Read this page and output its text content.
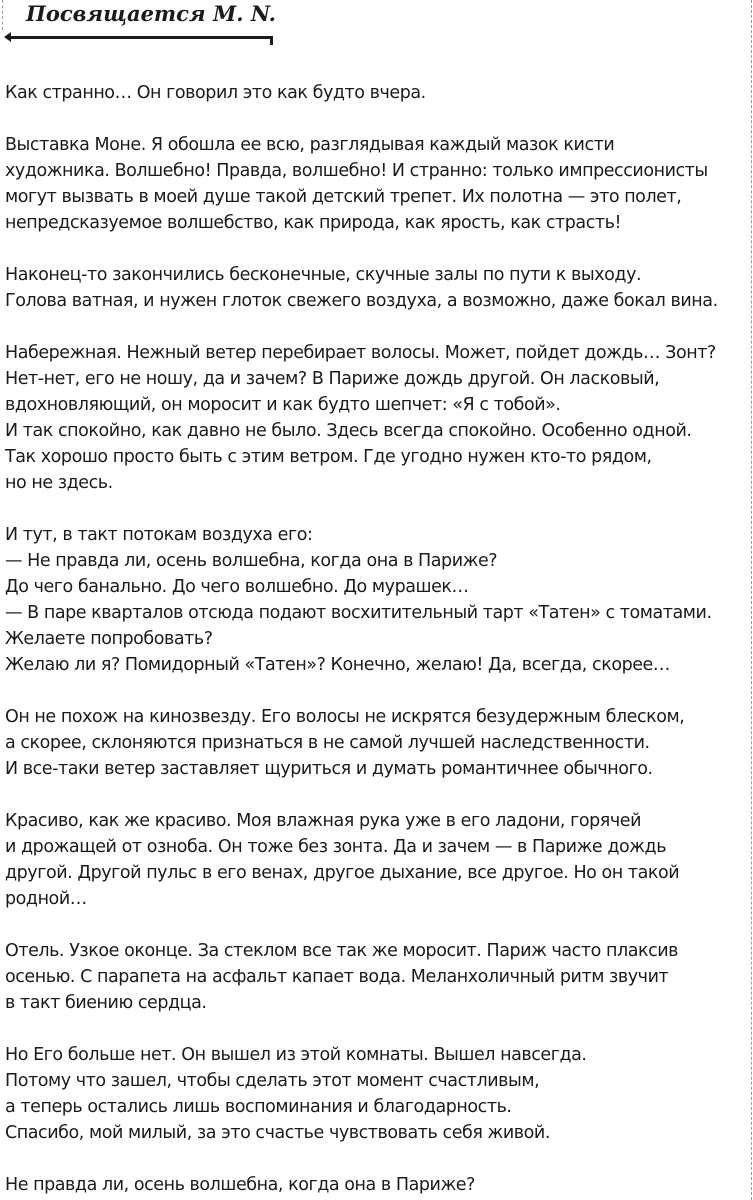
Посвящается M. N.
Как странно… Он говорил это как будто вчера.
Выставка Моне. Я обошла ее всю, разглядывая каждый мазок кисти
художника. Волшебно! Правда, волшебно! И странно: только импрессионисты
могут вызвать в моей душе такой детский трепет. Их полотна — это полет,
непредсказуемое волшебство, как природа, как ярость, как страсть!
Наконец-то закончились бесконечные, скучные залы по пути к выходу.
Голова ватная, и нужен глоток свежего воздуха, а возможно, даже бокал вина.
Набережная. Нежный ветер перебирает волосы. Может, пойдет дождь… Зонт?
Нет-нет, его не ношу, да и зачем? В Париже дождь другой. Он ласковый,
вдохновляющий, он моросит и как будто шепчет: «Я с тобой».
И так спокойно, как давно не было. Здесь всегда спокойно. Особенно одной.
Так хорошо просто быть с этим ветром. Где угодно нужен кто-то рядом,
но не здесь.
И тут, в такт потокам воздуха его:
— Не правда ли, осень волшебна, когда она в Париже?
До чего банально. До чего волшебно. До мурашек…
— В паре кварталов отсюда подают восхитительный тарт «Татен» с томатами.
Желаете попробовать?
Желаю ли я? Помидорный «Татен»? Конечно, желаю! Да, всегда, скорее…
Он не похож на кинозвезду. Его волосы не искрятся безудержным блеском,
а скорее, склоняются признаться в не самой лучшей наследственности.
И все-таки ветер заставляет щуриться и думать романтичнее обычного.
Красиво, как же красиво. Моя влажная рука уже в его ладони, горячей
и дрожащей от озноба. Он тоже без зонта. Да и зачем — в Париже дождь
другой. Другой пульс в его венах, другое дыхание, все другое. Но он такой
родной…
Отель. Узкое оконце. За стеклом все так же моросит. Париж часто плаксив
осенью. С парапета на асфальт капает вода. Меланхоличный ритм звучит
в такт биению сердца.
Но Его больше нет. Он вышел из этой комнаты. Вышел навсегда.
Потому что зашел, чтобы сделать этот момент счастливым,
а теперь остались лишь воспоминания и благодарность.
Спасибо, мой милый, за это счастье чувствовать себя живой.
Не правда ли, осень волшебна, когда она в Париже?
